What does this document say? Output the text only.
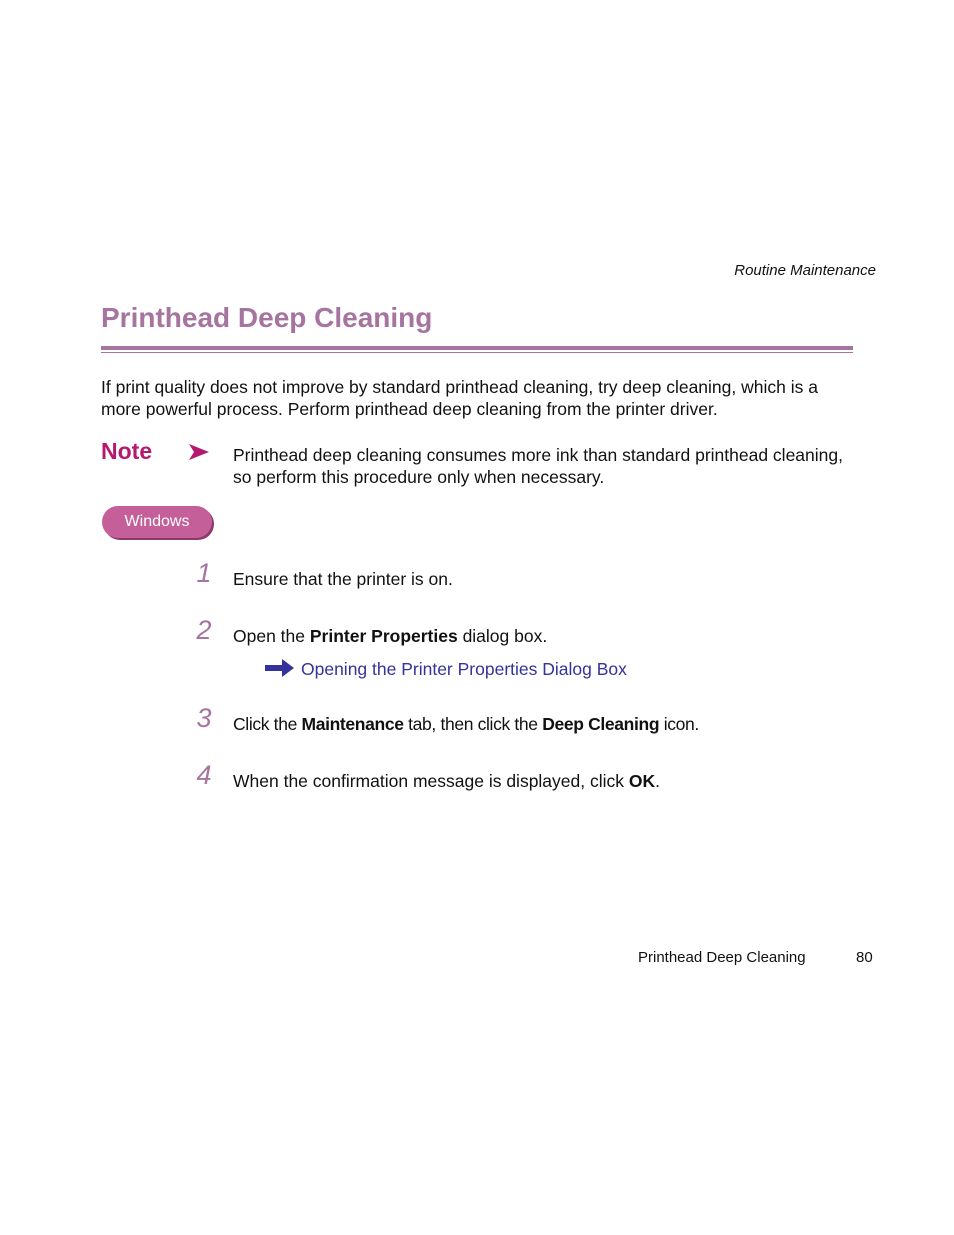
Routine Maintenance
Printhead Deep Cleaning
If print quality does not improve by standard printhead cleaning, try deep cleaning, which is a more powerful process. Perform printhead deep cleaning from the printer driver.
Note	Printhead deep cleaning consumes more ink than standard printhead cleaning, so perform this procedure only when necessary.
Windows
1	Ensure that the printer is on.
2	Open the Printer Properties dialog box.
Opening the Printer Properties Dialog Box
3	Click the Maintenance tab, then click the Deep Cleaning icon.
4	When the confirmation message is displayed, click OK.
Printhead Deep Cleaning	80
